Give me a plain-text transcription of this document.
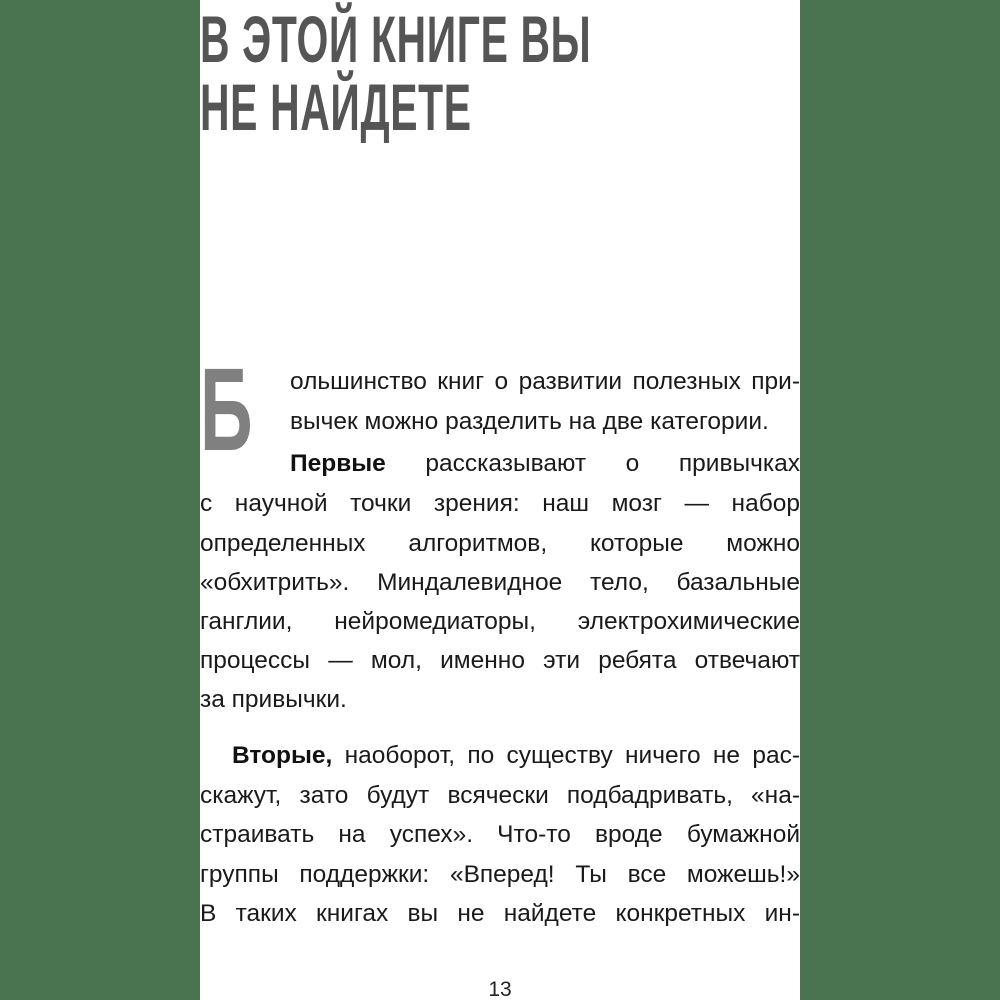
В ЭТОЙ КНИГЕ ВЫ
НЕ НАЙДЕТЕ
Б ольшинство книг о развитии полезных при-
вычек можно разделить на две категории.
Первые рассказывают о привычках
с научной точки зрения: наш мозг — набор
определенных алгоритмов, которые можно
«обхитрить». Миндалевидное тело, базальные
ганглии, нейромедиаторы, электрохимические
процессы — мол, именно эти ребята отвечают
за привычки.
Вторые, наоборот, по существу ничего не рас-
скажут, зато будут всячески подбадривать, «на-
страивать на успех». Что-то вроде бумажной
группы поддержки: «Вперед! Ты все можешь!»
В таких книгах вы не найдете конкретных ин-
13
